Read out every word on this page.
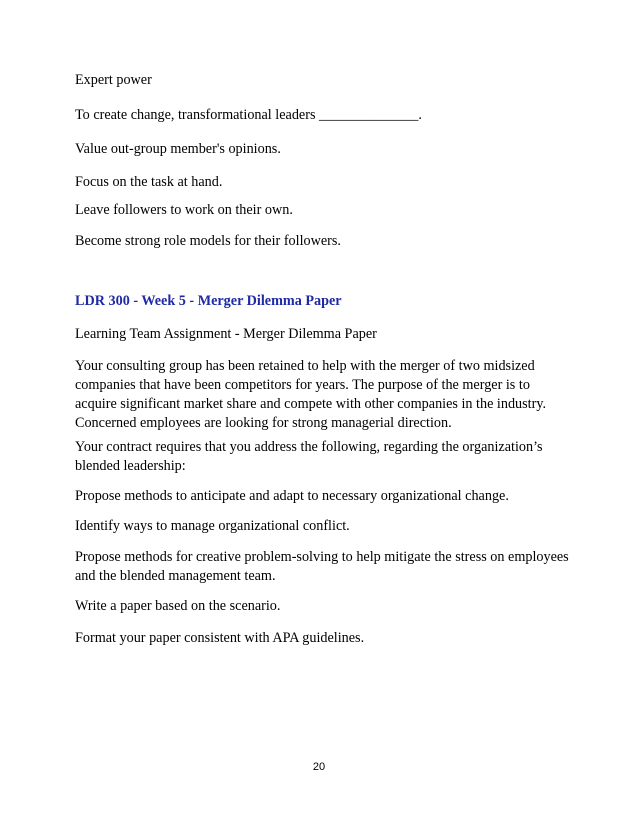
Expert power

To create change, transformational leaders ______________.

Value out-group member's opinions.

Focus on the task at hand.

Leave followers to work on their own.

Become strong role models for their followers.

LDR 300 - Week 5 - Merger Dilemma Paper

Learning Team Assignment - Merger Dilemma Paper

Your consulting group has been retained to help with the merger of two midsized companies that have been competitors for years. The purpose of the merger is to acquire significant market share and compete with other companies in the industry. Concerned employees are looking for strong managerial direction.

Your contract requires that you address the following, regarding the organization’s blended leadership:

Propose methods to anticipate and adapt to necessary organizational change.

Identify ways to manage organizational conflict.

Propose methods for creative problem-solving to help mitigate the stress on employees and the blended management team.

Write a paper based on the scenario.

Format your paper consistent with APA guidelines.

20
